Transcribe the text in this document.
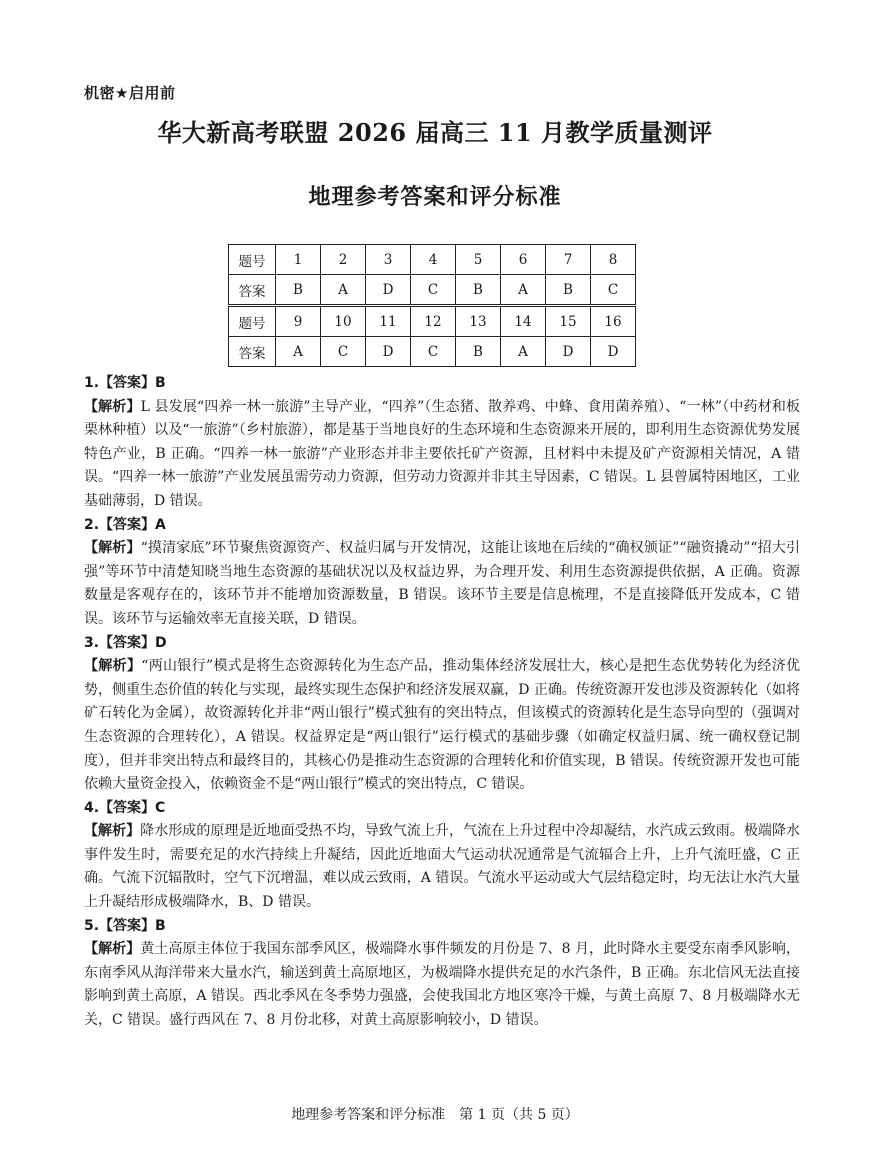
机密★启用前
华大新高考联盟 2026 届高三 11 月教学质量测评
地理参考答案和评分标准
题号	1	2	3	4	5	6	7	8
答案	B	A	D	C	B	A	B	C
题号	9	10	11	12	13	14	15	16
答案	A	C	D	C	B	A	D	D
1.【答案】B
【解析】L 县发展“四养一林一旅游”主导产业，“四养”（生态猪、散养鸡、中蜂、食用菌养殖）、“一林”（中药材和板栗林种植）以及“一旅游”（乡村旅游），都是基于当地良好的生态环境和生态资源来开展的，即利用生态资源优势发展特色产业，B 正确。“四养一林一旅游”产业形态并非主要依托矿产资源，且材料中未提及矿产资源相关情况，A 错误。“四养一林一旅游”产业发展虽需劳动力资源，但劳动力资源并非其主导因素，C 错误。L 县曾属特困地区，工业基础薄弱，D 错误。
2.【答案】A
【解析】“摸清家底”环节聚焦资源资产、权益归属与开发情况，这能让该地在后续的“确权颁证”“融资撬动”“招大引强”等环节中清楚知晓当地生态资源的基础状况以及权益边界，为合理开发、利用生态资源提供依据，A 正确。资源数量是客观存在的，该环节并不能增加资源数量，B 错误。该环节主要是信息梳理，不是直接降低开发成本，C 错误。该环节与运输效率无直接关联，D 错误。
3.【答案】D
【解析】“两山银行”模式是将生态资源转化为生态产品，推动集体经济发展壮大，核心是把生态优势转化为经济优势，侧重生态价值的转化与实现，最终实现生态保护和经济发展双赢，D 正确。传统资源开发也涉及资源转化（如将矿石转化为金属），故资源转化并非“两山银行”模式独有的突出特点，但该模式的资源转化是生态导向型的（强调对生态资源的合理转化），A 错误。权益界定是“两山银行”运行模式的基础步骤（如确定权益归属、统一确权登记制度），但并非突出特点和最终目的，其核心仍是推动生态资源的合理转化和价值实现，B 错误。传统资源开发也可能依赖大量资金投入，依赖资金不是“两山银行”模式的突出特点，C 错误。
4.【答案】C
【解析】降水形成的原理是近地面受热不均，导致气流上升，气流在上升过程中冷却凝结，水汽成云致雨。极端降水事件发生时，需要充足的水汽持续上升凝结，因此近地面大气运动状况通常是气流辐合上升，上升气流旺盛，C 正确。气流下沉辐散时，空气下沉增温，难以成云致雨，A 错误。气流水平运动或大气层结稳定时，均无法让水汽大量上升凝结形成极端降水，B、D 错误。
5.【答案】B
【解析】黄土高原主体位于我国东部季风区，极端降水事件频发的月份是 7、8 月，此时降水主要受东南季风影响，东南季风从海洋带来大量水汽，输送到黄土高原地区，为极端降水提供充足的水汽条件，B 正确。东北信风无法直接影响到黄土高原，A 错误。西北季风在冬季势力强盛，会使我国北方地区寒冷干燥，与黄土高原 7、8 月极端降水无关，C 错误。盛行西风在 7、8 月份北移，对黄土高原影响较小，D 错误。
地理参考答案和评分标准　第 1 页（共 5 页）
